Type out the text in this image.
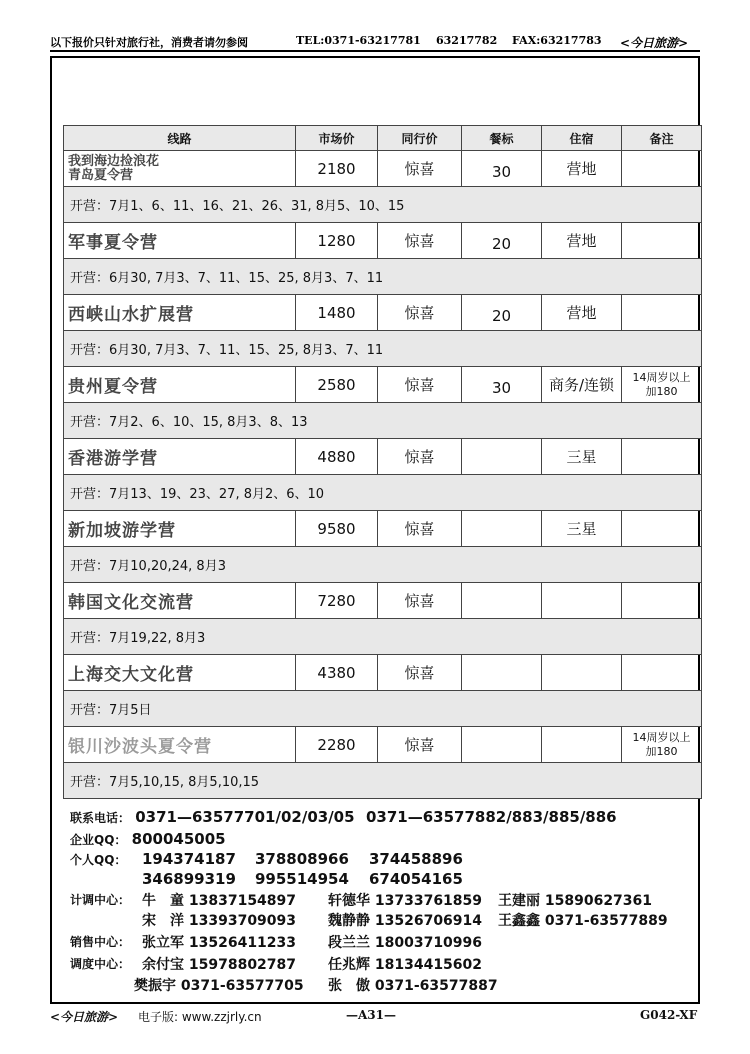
以下报价只针对旅行社，消费者请勿参阅	TEL:0371-63217781 63217782 FAX:63217783 <今日旅游>
线路	市场价	同行价	餐标	住宿	备注

我到海边捡浪花
青岛夏令营	2180	惊喜	30	营地	

开营：7月1、6、11、16、21、26、31, 8月5、10、15					
军事夏令营	1280	惊喜	20	营地	

开营：6月30, 7月3、7、11、15、25, 8月3、7、11					
西峡山水扩展营	1480	惊喜	20	营地	

开营：6月30, 7月3、7、11、15、25, 8月3、7、11					
贵州夏令营	2580	惊喜	30	商务/连锁	14周岁以上
加180

开营：7月2、6、10、15, 8月3、8、13					
香港游学营	4880	惊喜		三星	

开营：7月13、19、23、27, 8月2、6、10					
新加坡游学营	9580	惊喜		三星	

开营：7月10,20,24, 8月3					
韩国文化交流营	7280	惊喜			

开营：7月19,22, 8月3					
上海交大文化营	4380	惊喜			

开营：7月5日					
银川沙波头夏令营	2280	惊喜			14周岁以上
加180

开营：7月5,10,15, 8月5,10,15					
联系电话： 0371—63577701/02/03/05 0371—63577882/883/885/886
企业QQ： 800045005
个人QQ： 194374187 378808966 374458896
346899319 995514954 674054165
计调中心： 牛　童 13837154897 轩德华 13733761859 王建丽 15890627361
宋　洋 13393709093 魏静静 13526706914 王鑫鑫 0371-63577889
销售中心： 张立军 13526411233 段兰兰 18003710996
调度中心： 余付宝 15978802787 任兆辉 18134415602
樊振宇 0371-63577705 张　傲 0371-63577887
<今日旅游> 电子版: www.zzjrly.cn	—A31—	G042-XF
